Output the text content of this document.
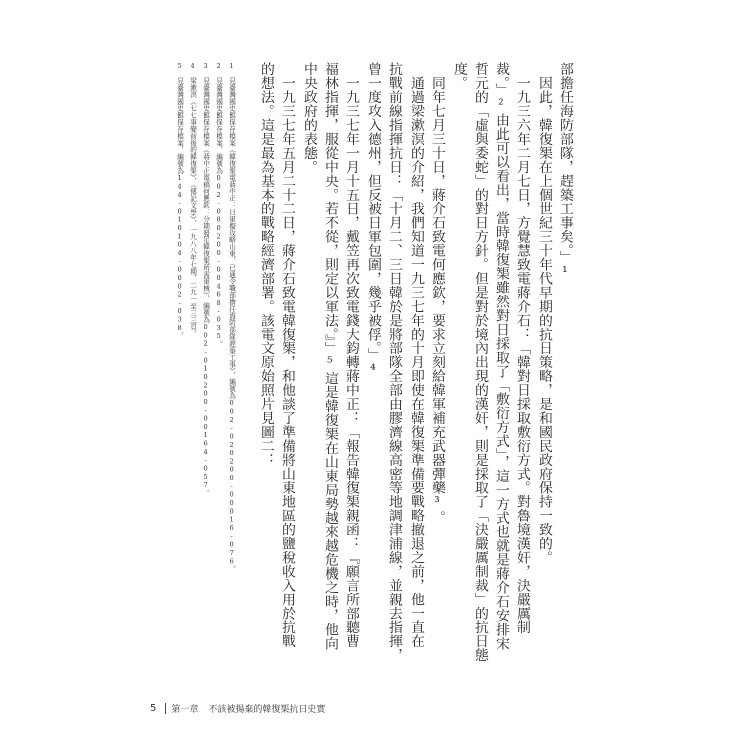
部擔任海防部隊，趕築工事矣。」¹
　因此，韓復榘在上個世紀三十年代早期的抗日策略，是和國民政府保持一致的。
　一九三六年二月七日，方覺慧致電蔣介石：「韓對日採取敷衍方式。對魯境漢奸，決嚴厲制
裁。」²由此可以看出，當時韓復榘雖然對日採取了「敷衍方式」，這一方式也就是蔣介石安排宋
哲元的「虛與委蛇」的對日方針。但是對於境內出現的漢奸，則是採取了「決嚴厲制裁」的抗日態
度。
　同年七月三十日，蔣介石致電何應欽，要求立刻給韓軍補充武器彈藥³。
　通過梁漱溟的介紹，我們知道一九三七年的十月即使在韓復榘準備要戰略撤退之前，他一直在
抗戰前線指揮抗日：「十月二、三日韓於是將部隊全部由膠濟線高密等地調津浦線，並親去指揮，
曾一度攻入德州，但反被日軍包圍，幾乎被俘。」⁴
　一九三七年一月十五日，戴笠再次致電錢大鈞轉蔣中正：「報告韓復榘親函：『願言所部聽曹
福林指揮，服從中央。若不從，則定以軍法。』」⁵這是韓復榘在山東局勢越來越危機之時，他向
中央政府的表態。
　一九三七年五月二十二日，蔣介石致電韓復榘，和他談了準備將山東地區的鹽稅收入用於抗戰
的想法。這是最為基本的戰略經濟部署。該電文原始照片見圖二：
1　見臺灣國史館保存檔案《韓復榘電蔣中正：日軍擬攻略山東，已通令職部擔任海防部隊趕築工事》，編號為002-020200-00016-076。
2　見臺灣國史館保存檔案，編號為002-080200-00468-035。
3　見臺灣國史館保存檔案《蔣中正電稿何應欽：分期發足韓復榘所需軍械》，編號為002-010200-00164-057。
4　梁漱溟《七七事變前後的韓復榘》，《傳記文學》，一九八八年七期，二九一至三三頁。
5　見臺灣國史館保存檔案，編號為144-010104-0002-038。
5 第一章 不該被揚棄的韓復榘抗日史實
